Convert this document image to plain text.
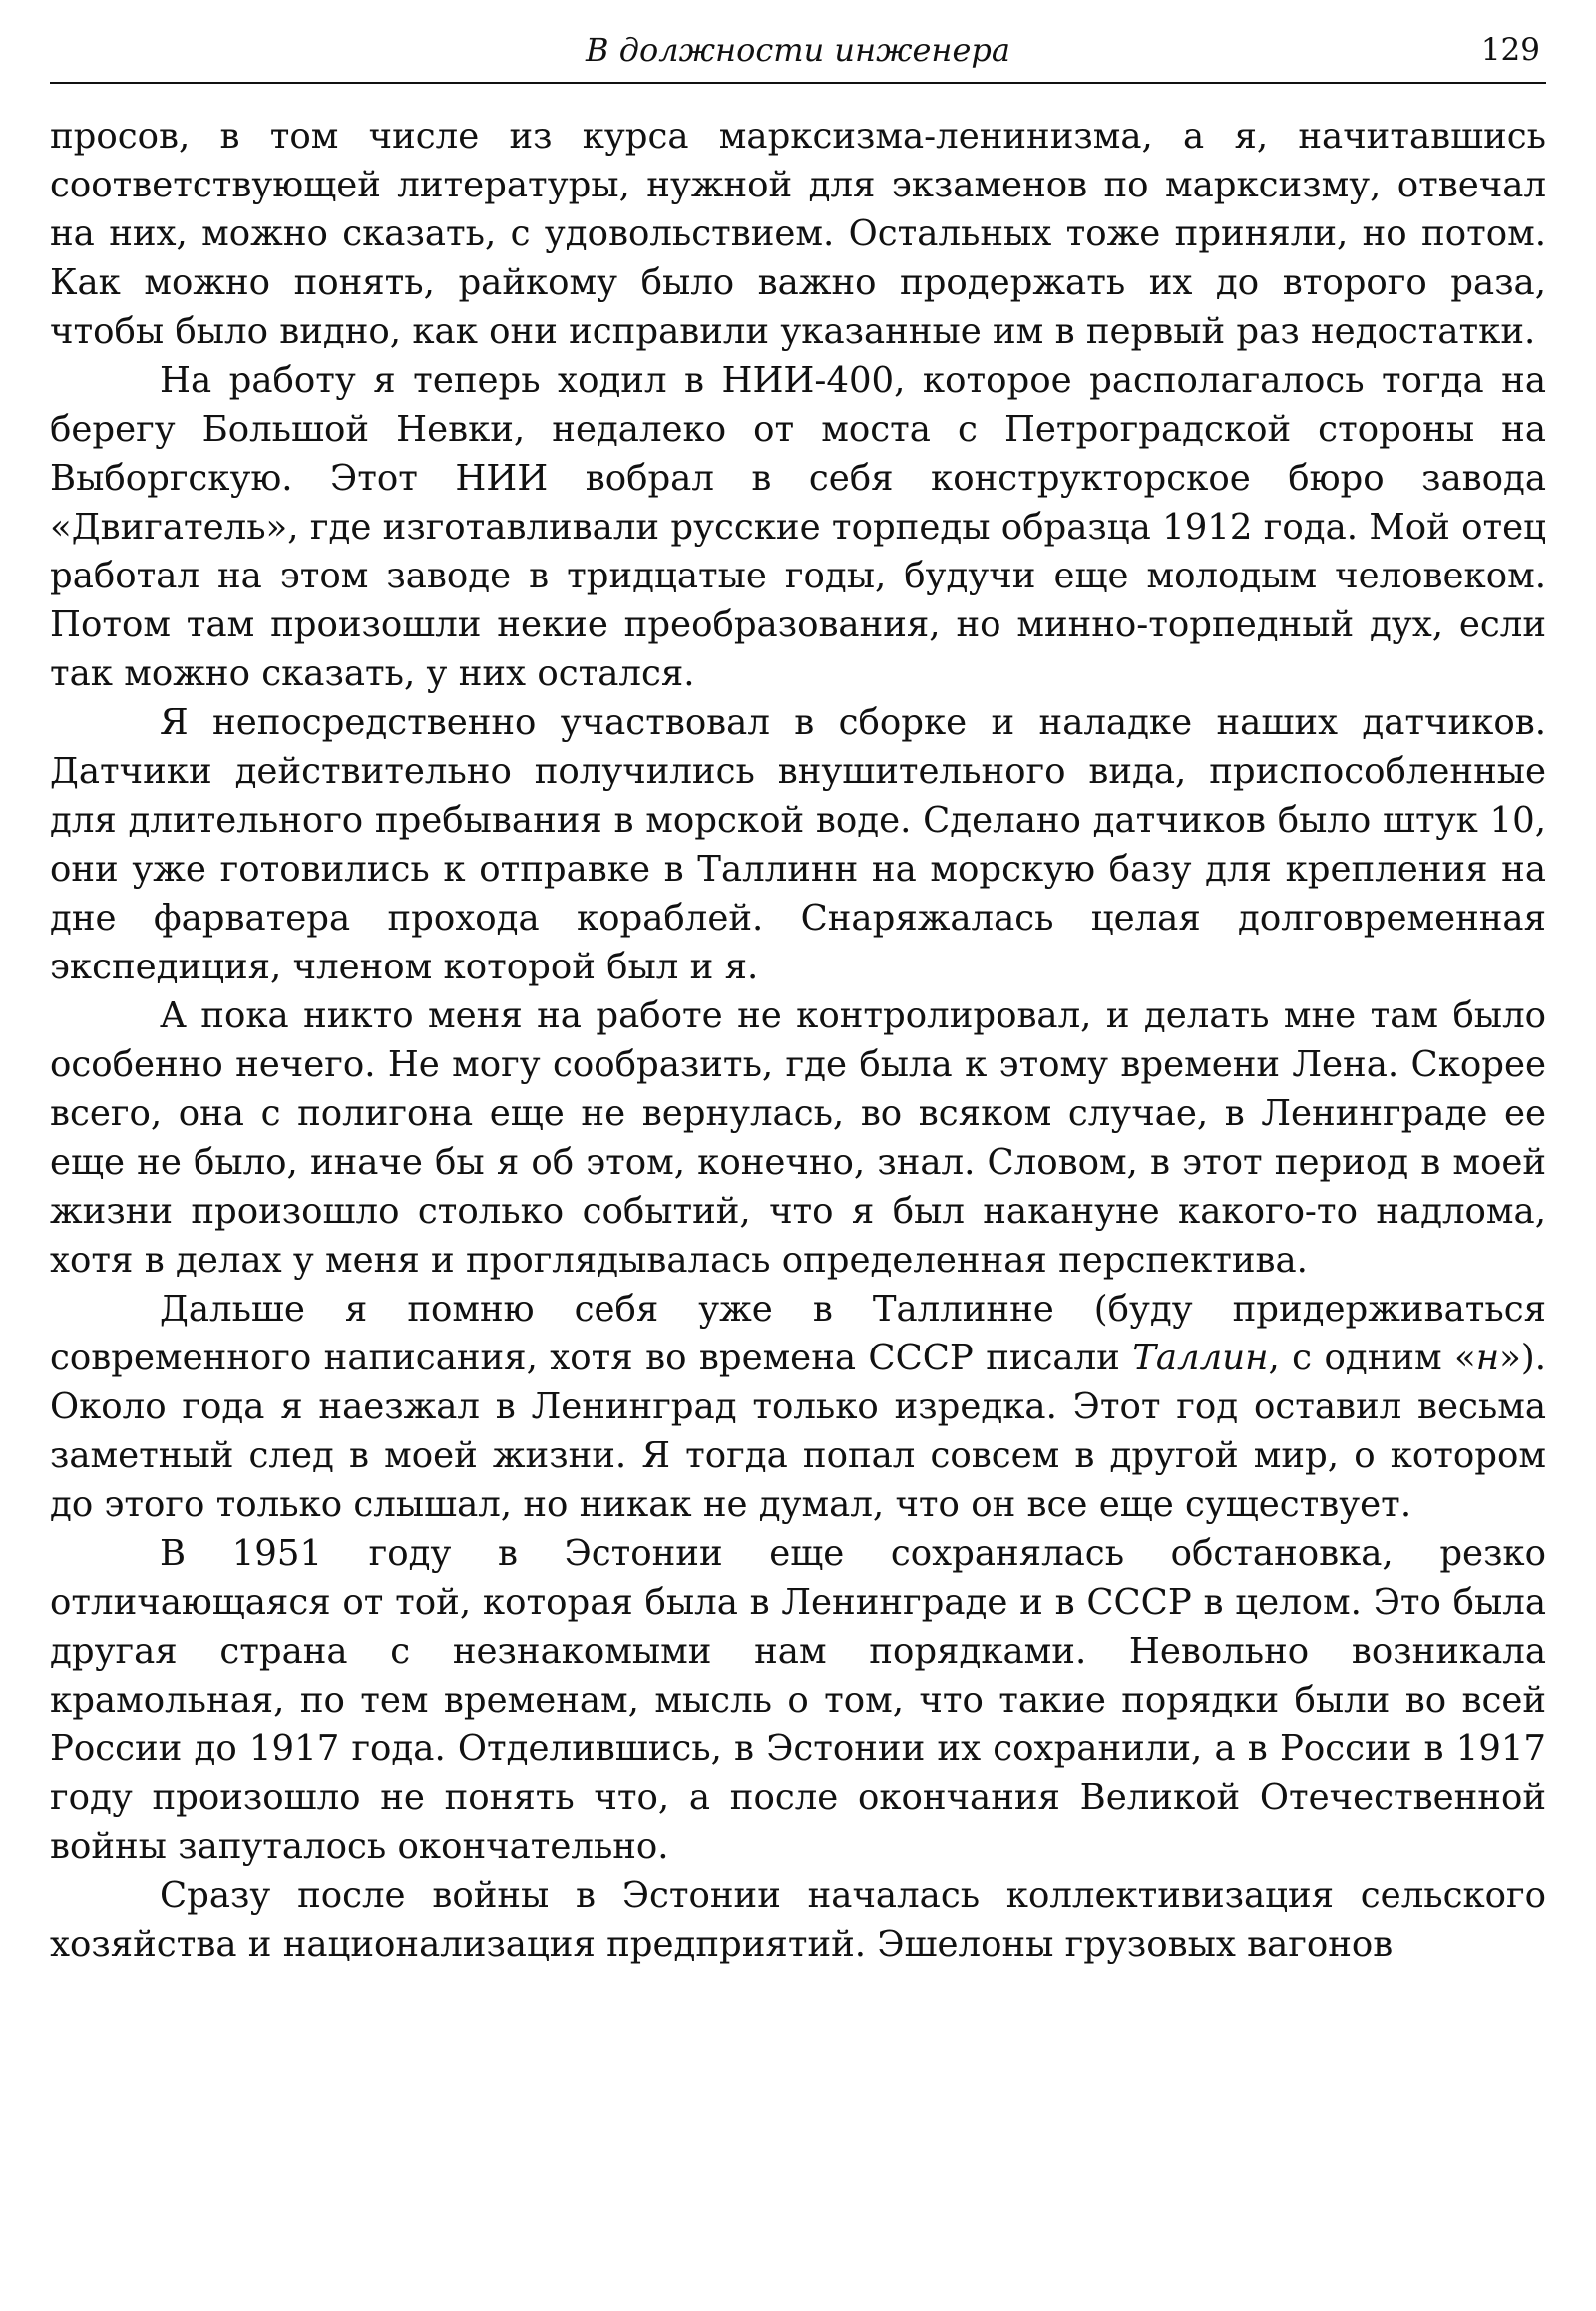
В должности инженера	129

просов, в том числе из курса марксизма-ленинизма, а я, начитавшись соответствующей литературы, нужной для экзаменов по марксизму, отвечал на них, можно сказать, с удовольствием. Остальных тоже приняли, но потом. Как можно понять, райкому было важно продержать их до второго раза, чтобы было видно, как они исправили указанные им в первый раз недостатки.

На работу я теперь ходил в НИИ-400, которое располагалось тогда на берегу Большой Невки, недалеко от моста с Петроградской стороны на Выборгскую. Этот НИИ вобрал в себя конструкторское бюро завода «Двигатель», где изготавливали русские торпеды образца 1912 года. Мой отец работал на этом заводе в тридцатые годы, будучи еще молодым человеком. Потом там произошли некие преобразования, но минно-торпедный дух, если так можно сказать, у них остался.

Я непосредственно участвовал в сборке и наладке наших датчиков. Датчики действительно получились внушительного вида, приспособленные для длительного пребывания в морской воде. Сделано датчиков было штук 10, они уже готовились к отправке в Таллинн на морскую базу для крепления на дне фарватера прохода кораблей. Снаряжалась целая долговременная экспедиция, членом которой был и я.

А пока никто меня на работе не контролировал, и делать мне там было особенно нечего. Не могу сообразить, где была к этому времени Лена. Скорее всего, она с полигона еще не вернулась, во всяком случае, в Ленинграде ее еще не было, иначе бы я об этом, конечно, знал. Словом, в этот период в моей жизни произошло столько событий, что я был накануне какого-то надлома, хотя в делах у меня и проглядывалась определенная перспектива.

Дальше я помню себя уже в Таллинне (буду придерживаться современного написания, хотя во времена СССР писали Таллин, с одним «н»). Около года я наезжал в Ленинград только изредка. Этот год оставил весьма заметный след в моей жизни. Я тогда попал совсем в другой мир, о котором до этого только слышал, но никак не думал, что он все еще существует.

В 1951 году в Эстонии еще сохранялась обстановка, резко отличающаяся от той, которая была в Ленинграде и в СССР в целом. Это была другая страна с незнакомыми нам порядками. Невольно возникала крамольная, по тем временам, мысль о том, что такие порядки были во всей России до 1917 года. Отделившись, в Эстонии их сохранили, а в России в 1917 году произошло не понять что, а после окончания Великой Отечественной войны запуталось окончательно.

Сразу после войны в Эстонии началась коллективизация сельского хозяйства и национализация предприятий. Эшелоны грузовых вагонов
